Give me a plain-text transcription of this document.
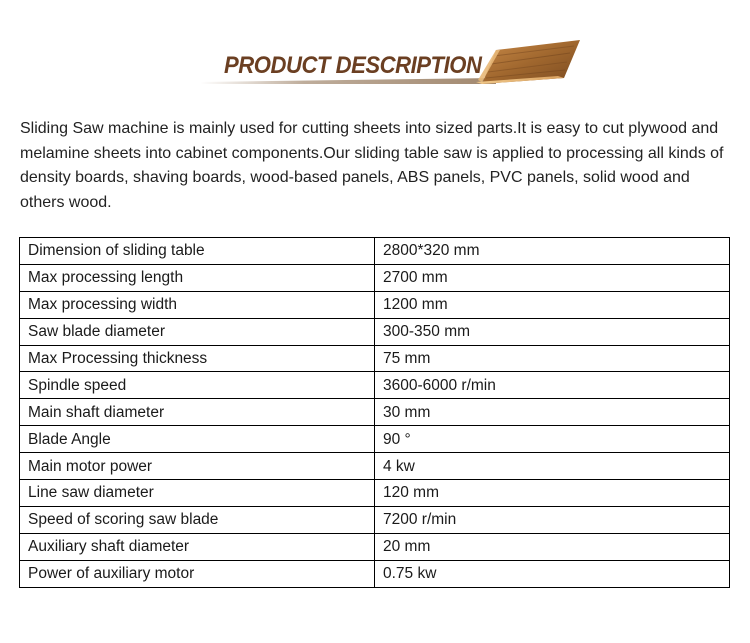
PRODUCT DESCRIPTION

Sliding Saw machine is mainly used for cutting sheets into sized parts.It is easy to cut plywood and melamine sheets into cabinet components.Our sliding table saw is applied to processing all kinds of density boards, shaving boards, wood-based panels, ABS panels, PVC panels, solid wood and others wood.

Dimension of sliding table	2800*320 mm
Max processing length	2700 mm
Max processing width	1200 mm
Saw blade diameter	300-350 mm
Max Processing thickness	75 mm
Spindle speed	3600-6000 r/min
Main shaft diameter	30 mm
Blade Angle	90 °
Main motor power	4 kw
Line saw diameter	120 mm
Speed of scoring saw blade	7200 r/min
Auxiliary shaft diameter	20 mm
Power of auxiliary motor	0.75 kw
